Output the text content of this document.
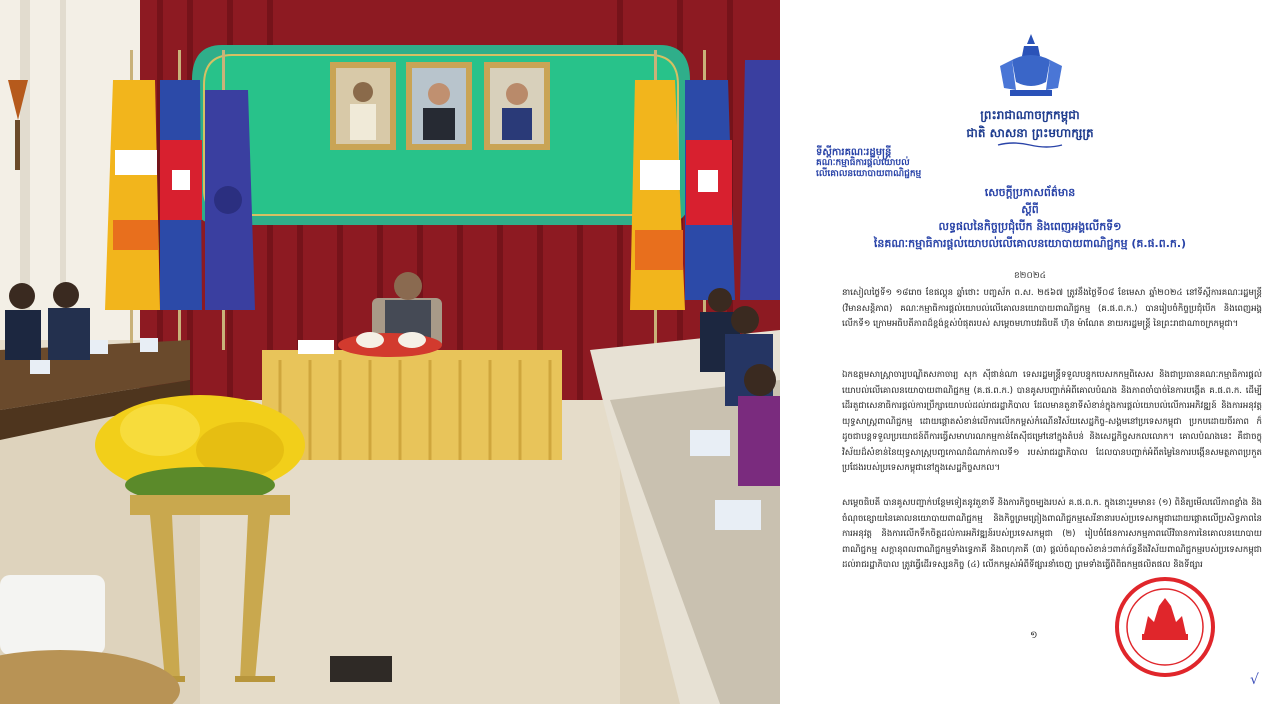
ព្រះរាជាណាចក្រកម្ពុជា
ជាតិ សាសនា ព្រះមហាក្សត្រ
ទីស្ដីការគណៈរដ្ឋមន្ត្រី
គណៈកម្មាធិការផ្ដល់យោបល់
លើគោលនយោបាយពាណិជ្ជកម្ម
សេចក្ដីប្រកាសព័ត៌មាន
ស្ដីពី
លទ្ធផលនៃកិច្ចប្រជុំបើក និងពេញអង្គលើកទី១
នៃគណៈកម្មាធិការផ្ដល់យោបល់លើគោលនយោបាយពាណិជ្ជកម្ម (គ.ផ.ព.ក.)
ខ២០២៤
នាសៀលថ្ងៃទី១ ១៨រោច ខែផល្គុន ឆ្នាំថោះ បញ្ចស័ក ព.ស. ២៥៦៧ ត្រូវនឹងថ្ងៃទី០៨ ខែមេសា ឆ្នាំ២០២៤ នៅទីស្ដីការគណៈរដ្ឋមន្ត្រី (វិមានសន្តិភាព) គណៈកម្មាធិការផ្ដល់យោបល់លើគោលនយោបាយពាណិជ្ជកម្ម (គ.ផ.ព.ក.) បានរៀបចំកិច្ចប្រជុំបើក និងពេញអង្គលើកទី១ ក្រោមអធិបតីភាពដ៏ខ្ពង់ខ្ពស់បំផុតរបស់ សម្ដេចមហាបវរធិបតី ហ៊ុន ម៉ាណែត នាយករដ្ឋមន្ត្រី នៃព្រះរាជាណាចក្រកម្ពុជា។
ឯកឧត្ដមសាស្ត្រាចារ្យបណ្ឌិតសភាចារ្យ សុក ស៊ីផាន់ណា ទេសរដ្ឋមន្ត្រីទទួលបន្ទុកបេសកកម្មពិសេស និងជាប្រធានគណៈកម្មាធិការផ្ដល់យោបល់លើគោលនយោបាយពាណិជ្ជកម្ម (គ.ផ.ព.ក.) បានគូសបញ្ជាក់អំពីគោលបំណង និងភាពចាំបាច់នៃការបង្កើត គ.ផ.ព.ក. ដើម្បីដើរតួជាសេនាធិការផ្ដល់ការប្រឹក្សាយោបល់ដល់រាជរដ្ឋាភិបាល ដែលមានតួនាទីសំខាន់ក្នុងការផ្ដល់យោបល់លើការអភិវឌ្ឍន៍ និងការអនុវត្តយុទ្ធសាស្ត្រពាណិជ្ជកម្ម ដោយផ្ដោតសំខាន់លើការលើកកម្ពស់កំណើនវិស័យសេដ្ឋកិច្ច-សង្គមនៅប្រទេសកម្ពុជា ប្រកបដោយចីរភាព ក៏ដូចជាបន្តទទួលប្រយោជន៍ពីការធ្វើសមាហរណកម្មកាន់តែស៊ីជម្រៅនៅក្នុងតំបន់ និងសេដ្ឋកិច្ចសកលលោក។ គោលបំណងនេះ គឺជាចក្ខុវិស័យដ៏សំខាន់នៃយុទ្ធសាស្ត្របញ្ចកោណដំណាក់កាលទី១ របស់រាជរដ្ឋាភិបាល ដែលបានបញ្ជាក់អំពីតម្លៃនៃការបង្កើនសមត្ថភាពប្រកួតប្រជែងរបស់ប្រទេសកម្ពុជានៅក្នុងសេដ្ឋកិច្ចសកល។
សម្ដេចធិបតី បានគូសបញ្ជាក់បន្ថែមទៀតនូវតួនាទី និងការកិច្ចចម្បងរបស់ គ.ផ.ព.ក. ក្នុងនោះរួមមាន៖ (១) ពិនិត្យមើលលើភាពខ្លាំង និងចំណុចខ្សោយនៃគោលនយោបាយពាណិជ្ជកម្ម និងកិច្ចព្រមព្រៀងពាណិជ្ជកម្មសេរីនានារបស់ប្រទេសកម្ពុជាដោយផ្ដោតលើប្រសិទ្ធភាពនៃការអនុវត្ត និងការលើកទឹកចិត្តដល់ការអភិវឌ្ឍន៍របស់ប្រទេសកម្ពុជា (២) រៀបចំផែនការសកម្មភាពលើវិធានការនៃគោលនយោបាយពាណិជ្ជកម្ម សក្ដានុពលពាណិជ្ជកម្មទាំងទ្វេភាគី និងពហុភាគី (៣) ផ្ដល់ចំណុចសំខាន់ៗពាក់ព័ន្ធនឹងវិស័យពាណិជ្ជកម្មរបស់ប្រទេសកម្ពុជាដល់រាជរដ្ឋាភិបាល ត្រូវធ្វើដើរទស្សនកិច្ច (៤) លើកកម្ពស់អំពីទីផ្សារនាំចេញ ព្រមទាំងធ្វើពិពិធកម្មផលិតផល និងទីផ្សារ
១
√
